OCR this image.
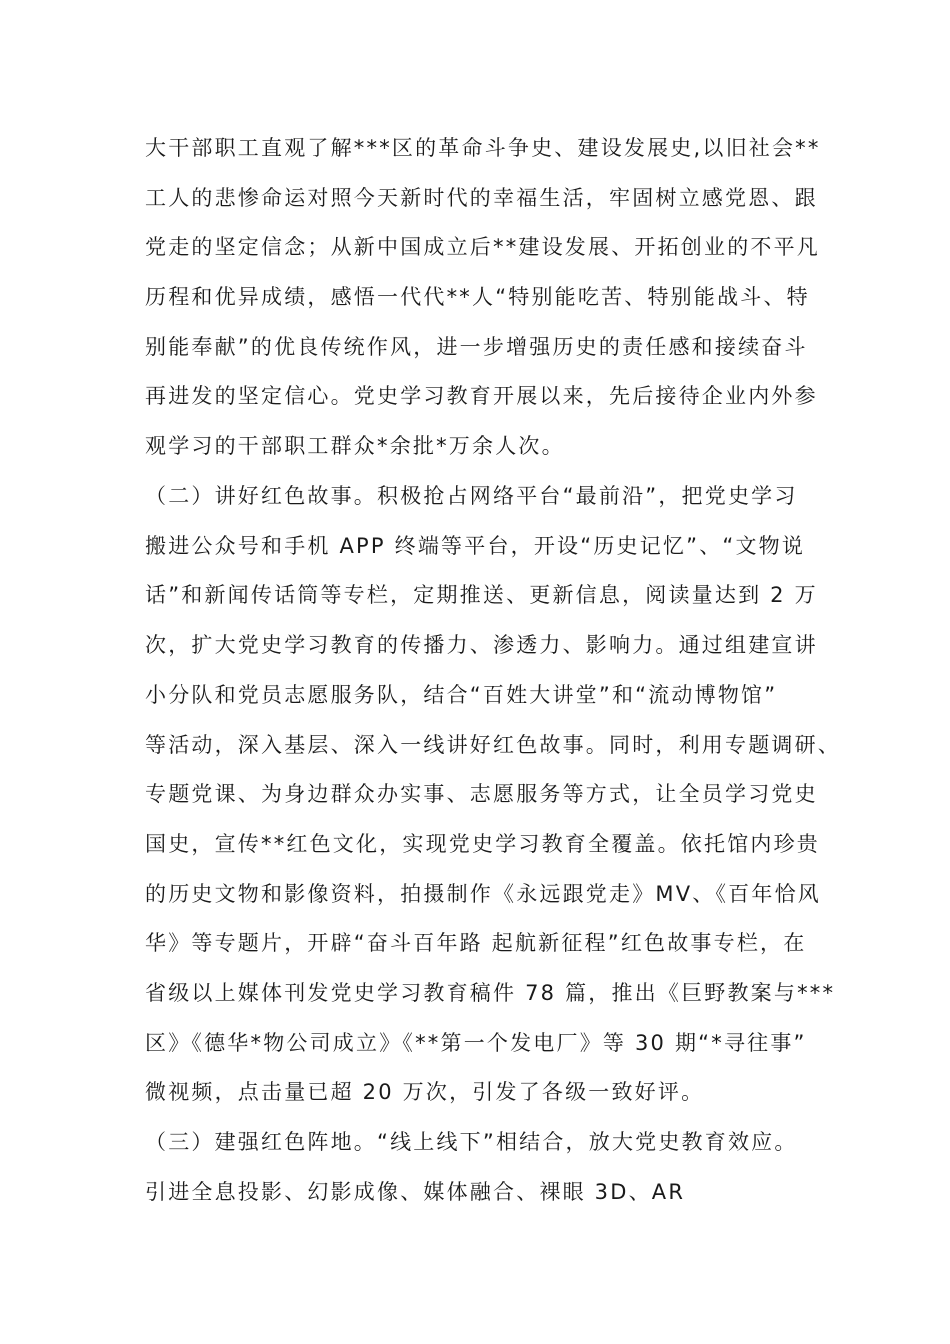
大干部职工直观了解***区的革命斗争史、建设发展史,以旧社会**
工人的悲惨命运对照今天新时代的幸福生活，牢固树立感党恩、跟
党走的坚定信念；从新中国成立后**建设发展、开拓创业的不平凡
历程和优异成绩，感悟一代代**人“特别能吃苦、特别能战斗、特
别能奉献”的优良传统作风，进一步增强历史的责任感和接续奋斗
再进发的坚定信心。党史学习教育开展以来，先后接待企业内外参
观学习的干部职工群众*余批*万余人次。
（二）讲好红色故事。积极抢占网络平台“最前沿”，把党史学习
搬进公众号和手机 APP 终端等平台，开设“历史记忆”、“文物说
话”和新闻传话筒等专栏，定期推送、更新信息，阅读量达到 2 万
次，扩大党史学习教育的传播力、渗透力、影响力。通过组建宣讲
小分队和党员志愿服务队，结合“百姓大讲堂”和“流动博物馆”
等活动，深入基层、深入一线讲好红色故事。同时，利用专题调研、
专题党课、为身边群众办实事、志愿服务等方式，让全员学习党史
国史，宣传**红色文化，实现党史学习教育全覆盖。依托馆内珍贵
的历史文物和影像资料，拍摄制作《永远跟党走》MV、《百年恰风
华》等专题片，开辟“奋斗百年路 起航新征程”红色故事专栏，在
省级以上媒体刊发党史学习教育稿件 78 篇，推出《巨野教案与***
区》《德华*物公司成立》《**第一个发电厂》等 30 期“*寻往事”
微视频，点击量已超 20 万次，引发了各级一致好评。
（三）建强红色阵地。“线上线下”相结合，放大党史教育效应。
引进全息投影、幻影成像、媒体融合、裸眼 3D、AR
